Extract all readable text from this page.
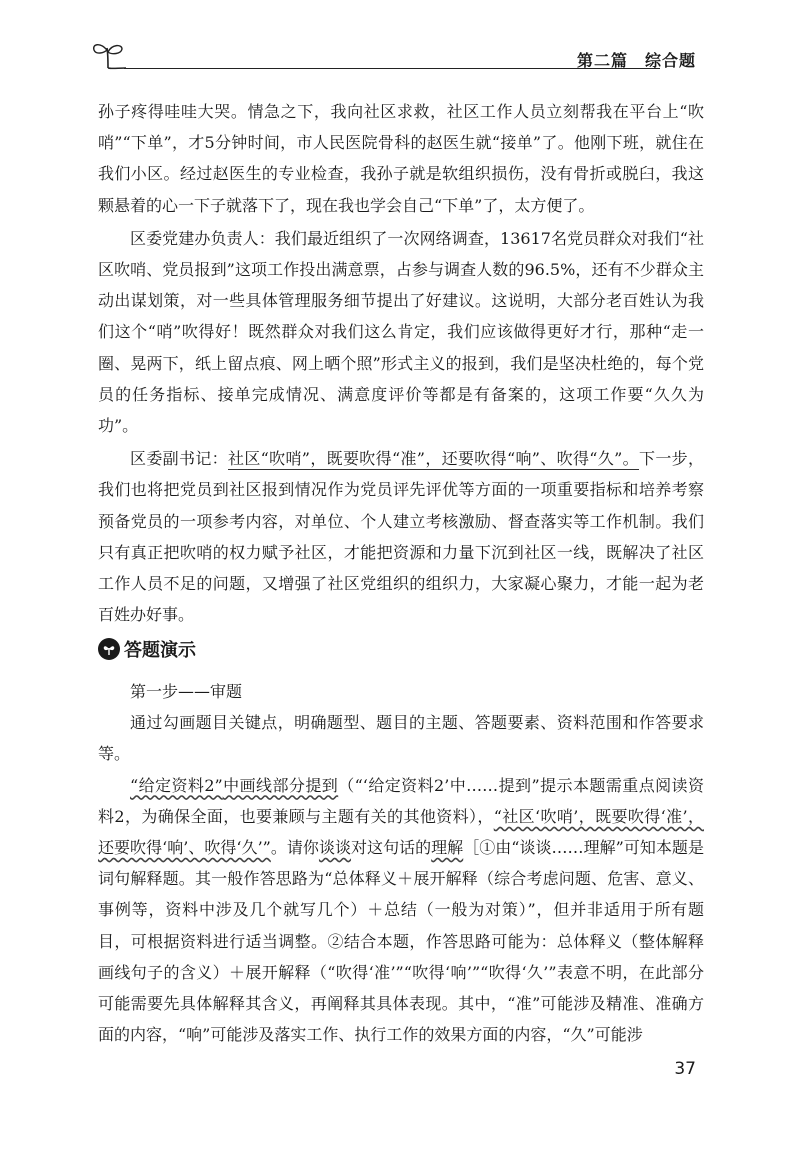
第二篇　综合题

孙子疼得哇哇大哭。情急之下，我向社区求救，社区工作人员立刻帮我在平台上“吹哨”“下单”，才5分钟时间，市人民医院骨科的赵医生就“接单”了。他刚下班，就住在我们小区。经过赵医生的专业检查，我孙子就是软组织损伤，没有骨折或脱臼，我这颗悬着的心一下子就落下了，现在我也学会自己“下单”了，太方便了。

区委党建办负责人：我们最近组织了一次网络调查，13617名党员群众对我们“社区吹哨、党员报到”这项工作投出满意票，占参与调查人数的96.5%，还有不少群众主动出谋划策，对一些具体管理服务细节提出了好建议。这说明，大部分老百姓认为我们这个“哨”吹得好！既然群众对我们这么肯定，我们应该做得更好才行，那种“走一圈、晃两下，纸上留点痕、网上晒个照”形式主义的报到，我们是坚决杜绝的，每个党员的任务指标、接单完成情况、满意度评价等都是有备案的，这项工作要“久久为功”。

区委副书记：社区“吹哨”，既要吹得“准”，还要吹得“响”、吹得“久”。下一步，我们也将把党员到社区报到情况作为党员评先评优等方面的一项重要指标和培养考察预备党员的一项参考内容，对单位、个人建立考核激励、督查落实等工作机制。我们只有真正把吹哨的权力赋予社区，才能把资源和力量下沉到社区一线，既解决了社区工作人员不足的问题，又增强了社区党组织的组织力，大家凝心聚力，才能一起为老百姓办好事。

答题演示

第一步——审题

通过勾画题目关键点，明确题型、题目的主题、答题要素、资料范围和作答要求等。

“给定资料2”中画线部分提到（“‘给定资料2’中……提到”提示本题需重点阅读资料2，为确保全面，也要兼顾与主题有关的其他资料），“社区‘吹哨’，既要吹得‘准’，还要吹得‘响’、吹得‘久’”。请你谈谈对这句话的理解［①由“谈谈……理解”可知本题是词句解释题。其一般作答思路为“总体释义＋展开解释（综合考虑问题、危害、意义、事例等，资料中涉及几个就写几个）＋总结（一般为对策）”，但并非适用于所有题目，可根据资料进行适当调整。②结合本题，作答思路可能为：总体释义（整体解释画线句子的含义）＋展开解释（“吹得‘准’”“吹得‘响’”“吹得‘久’”表意不明，在此部分可能需要先具体解释其含义，再阐释其具体表现。其中，“准”可能涉及精准、准确方面的内容，“响”可能涉及落实工作、执行工作的效果方面的内容，“久”可能涉

37
